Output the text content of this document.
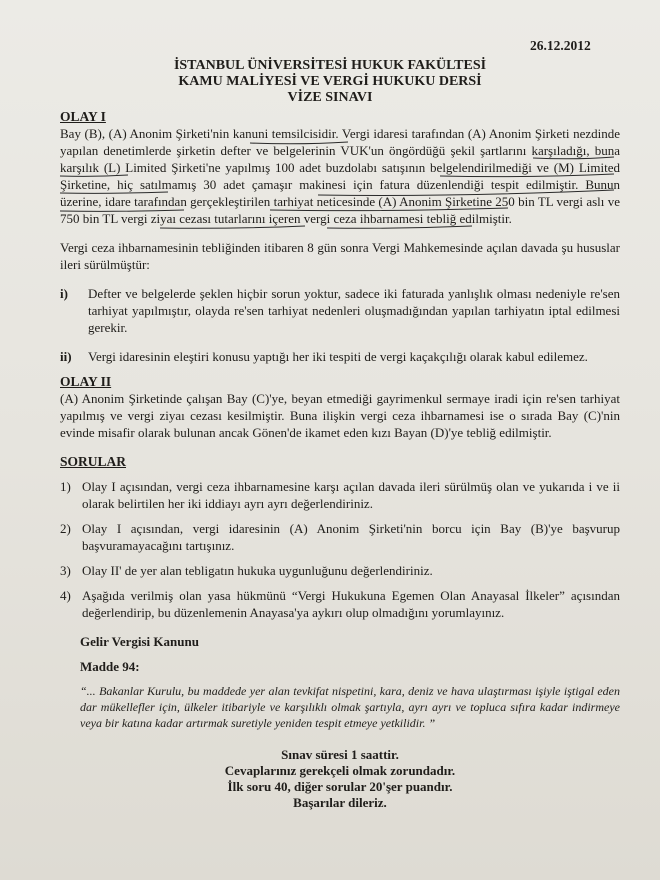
26.12.2012
İSTANBUL ÜNİVERSİTESİ HUKUK FAKÜLTESİ
KAMU MALİYESİ VE VERGİ HUKUKU DERSİ
VİZE SINAVI

OLAY I

Bay (B), (A) Anonim Şirketi'nin kanuni temsilcisidir. Vergi idaresi tarafından (A) Anonim Şirketi nezdinde yapılan denetimlerde şirketin defter ve belgelerinin VUK'un öngördüğü şekil şartlarını karşıladığı, buna karşılık (L) Limited Şirketi'ne yapılmış 100 adet buzdolabı satışının belgelendirilmediği ve (M) Limited Şirketine, hiç satılmamış 30 adet çamaşır makinesi için fatura düzenlendiği tespit edilmiştir. Bunun üzerine, idare tarafından gerçekleştirilen tarhiyat neticesinde (A) Anonim Şirketine 250 bin TL vergi aslı ve 750 bin TL vergi ziyaı cezası tutarlarını içeren vergi ceza ihbarnamesi tebliğ edilmiştir.

Vergi ceza ihbarnamesinin tebliğinden itibaren 8 gün sonra Vergi Mahkemesinde açılan davada şu hususlar ileri sürülmüştür:

i)	Defter ve belgelerde şeklen hiçbir sorun yoktur, sadece iki faturada yanlışlık olması nedeniyle re'sen tarhiyat yapılmıştır, olayda re'sen tarhiyat nedenleri oluşmadığından yapılan tarhiyatın iptal edilmesi gerekir.
ii)	Vergi idaresinin eleştiri konusu yaptığı her iki tespiti de vergi kaçakçılığı olarak kabul edilemez.

OLAY II

(A) Anonim Şirketinde çalışan Bay (C)'ye, beyan etmediği gayrimenkul sermaye iradi için re'sen tarhiyat yapılmış ve vergi ziyaı cezası kesilmiştir. Buna ilişkin vergi ceza ihbarnamesi ise o sırada Bay (C)'nin evinde misafir olarak bulunan ancak Gönen'de ikamet eden kızı Bayan (D)'ye tebliğ edilmiştir.

SORULAR

1) Olay I açısından, vergi ceza ihbarnamesine karşı açılan davada ileri sürülmüş olan ve yukarıda i ve ii olarak belirtilen her iki iddiayı ayrı ayrı değerlendiriniz.
2) Olay I açısından, vergi idaresinin (A) Anonim Şirketi'nin borcu için Bay (B)'ye başvurup başvuramayacağını tartışınız.
3) Olay II' de yer alan tebligatın hukuka uygunluğunu değerlendiriniz.
4) Aşağıda verilmiş olan yasa hükmünü “Vergi Hukukuna Egemen Olan Anayasal İlkeler” açısından değerlendirip, bu düzenlemenin Anayasa'ya aykırı olup olmadığını yorumlayınız.

Gelir Vergisi Kanunu

Madde 94:

“... Bakanlar Kurulu, bu maddede yer alan tevkifat nispetini, kara, deniz ve hava ulaştırması işiyle iştigal eden dar mükellefler için, ülkeler itibariyle ve karşılıklı olmak şartıyla, ayrı ayrı ve topluca sıfıra kadar indirmeye veya bir katına kadar artırmak suretiyle yeniden tespit etmeye yetkilidir. ”

Sınav süresi 1 saattir.
Cevaplarınız gerekçeli olmak zorundadır.
İlk soru 40, diğer sorular 20'şer puandır.
Başarılar dileriz.
